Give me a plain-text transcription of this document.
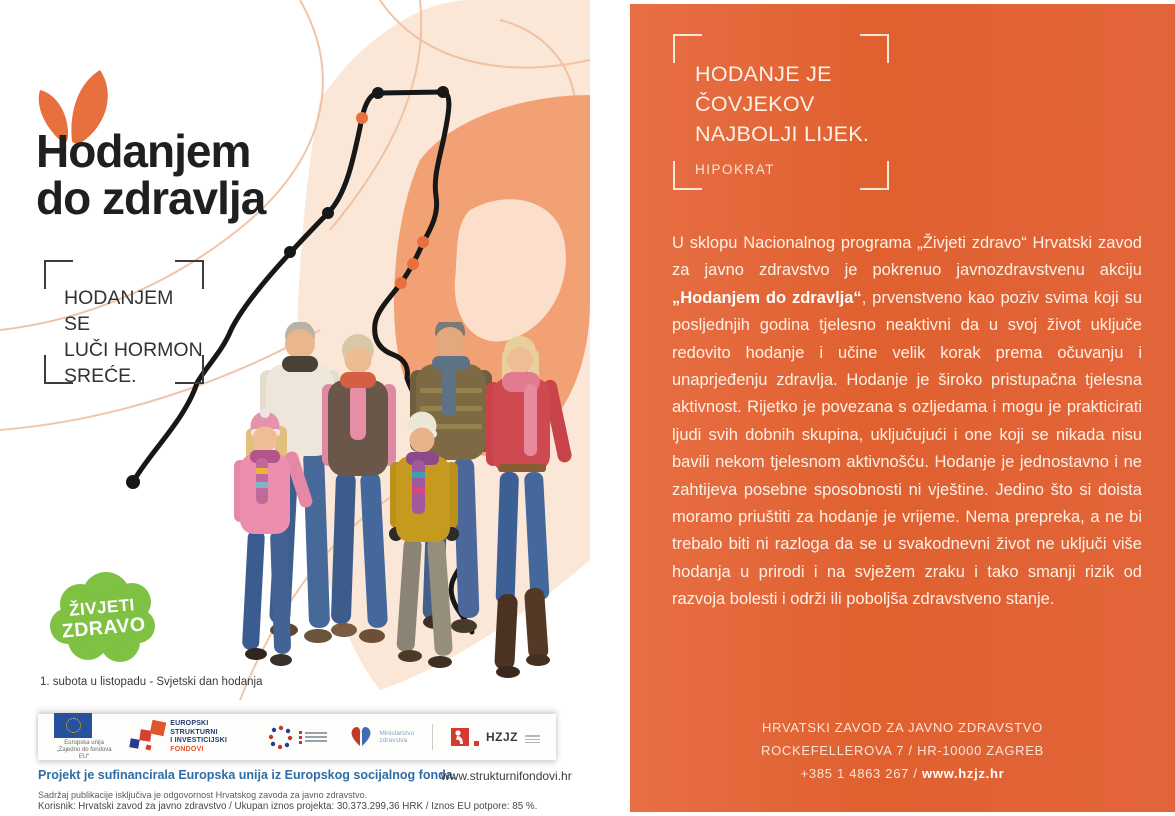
Hodanjem
do zdravlja
HODANJEM SE
LUČI HORMON
SREĆE.
ŽIVJETI
ZDRAVO
1. subota u listopadu - Svjetski dan hodanja
Europska unija
„Zajedno do fondova EU“
EUROPSKI STRUKTURNI
I INVESTICIJSKI FONDOVI
Ministarstvo
zdravstva	HZJZ
Projekt je sufinancirala Europska unija iz Europskog socijalnog fonda.
www.strukturnifondovi.hr
Sadržaj publikacije isključiva je odgovornost Hrvatskog zavoda za javno zdravstvo.
Korisnik: Hrvatski zavod za javno zdravstvo / Ukupan iznos projekta: 30.373.299,36 HRK / Iznos EU potpore: 85 %.
HODANJE JE
ČOVJEKOV
NAJBOLJI LIJEK.
HIPOKRAT

U sklopu Nacionalnog programa „Živjeti zdravo“ Hrvatski zavod za javno zdravstvo je pokrenuo javnozdravstvenu akciju „Hodanjem do zdravlja“, prvenstveno kao poziv svima koji su posljednjih godina tjelesno neaktivni da u svoj život uključe redovito hodanje i učine velik korak prema očuvanju i unaprjeđenju zdravlja. Hodanje je široko pristupačna tjelesna aktivnost. Rijetko je povezana s ozljedama i mogu je prakticirati ljudi svih dobnih skupina, uključujući i one koji se nikada nisu bavili nekom tjelesnom aktivnošću. Hodanje je jednostavno i ne zahtijeva posebne sposobnosti ni vještine. Jedino što si doista moramo priuštiti za hodanje je vrijeme. Nema prepreka, a ne bi trebalo biti ni razloga da se u svakodnevni život ne uključi više hodanja u prirodi i na svježem zraku i tako smanji rizik od razvoja bolesti i održi ili poboljša zdravstveno stanje.

HRVATSKI ZAVOD ZA JAVNO ZDRAVSTVO
ROCKEFELLEROVA 7 / HR-10000 ZAGREB
+385 1 4863 267 / www.hzjz.hr
